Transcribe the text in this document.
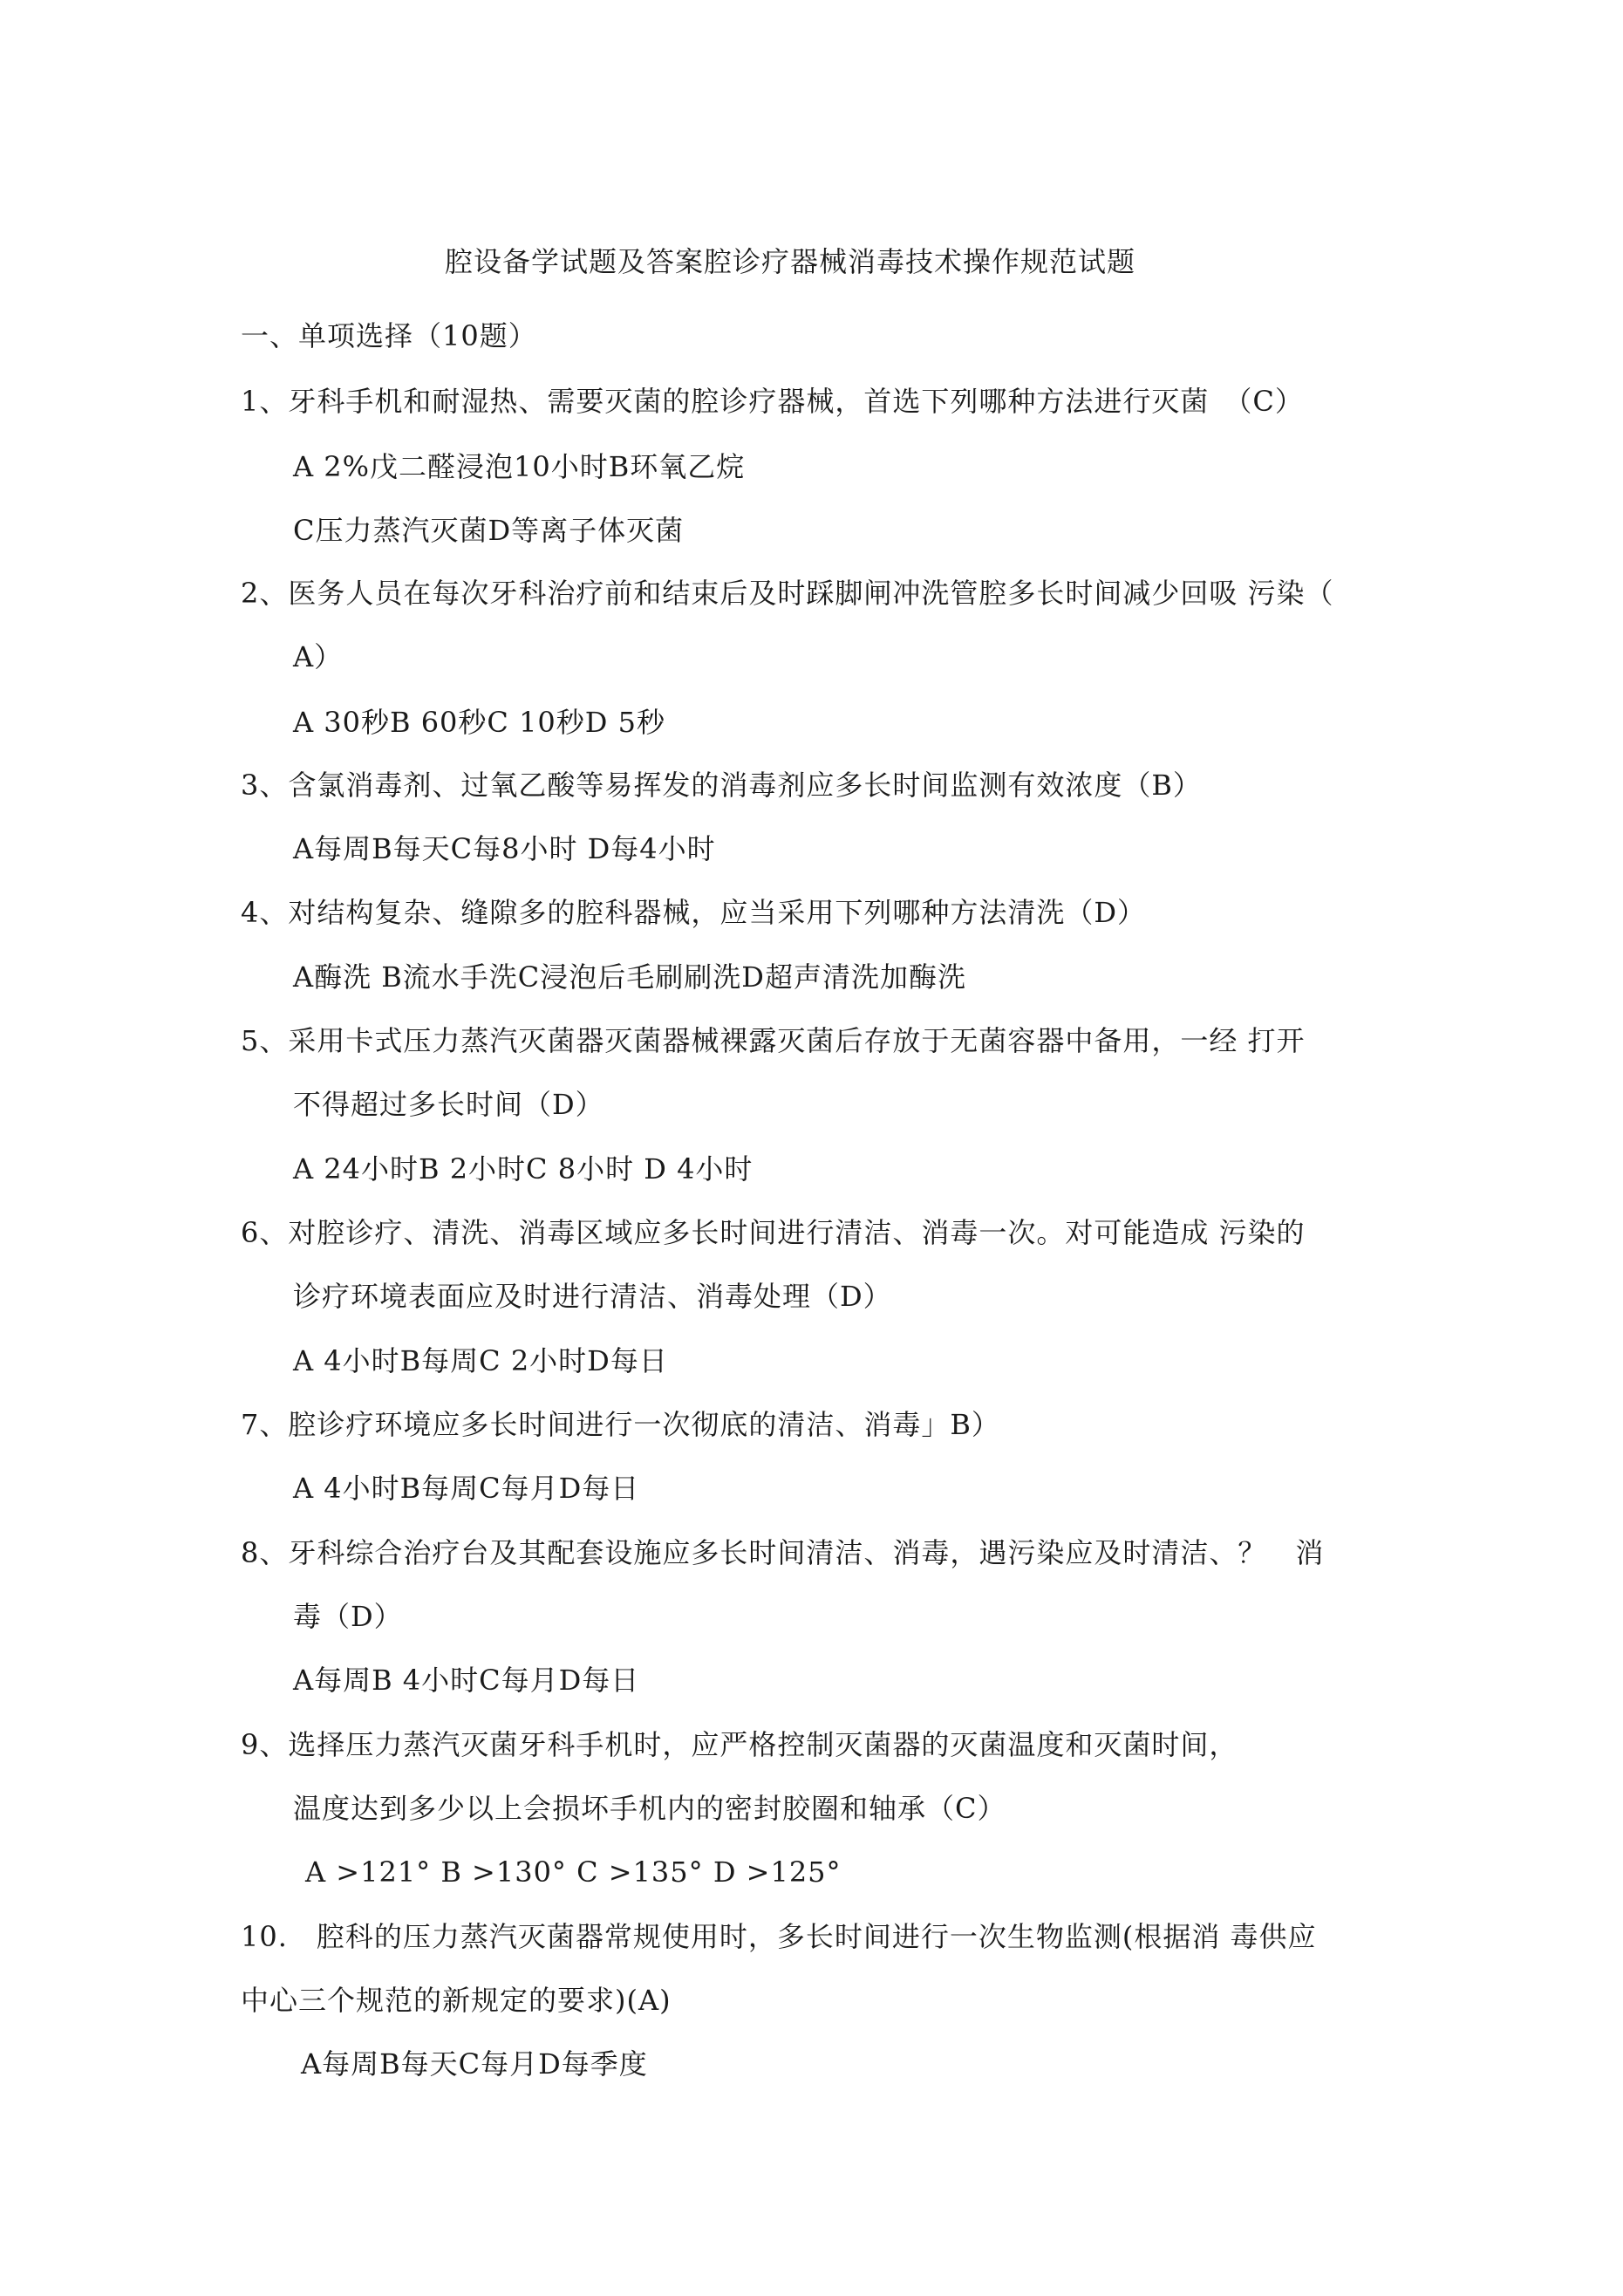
腔设备学试题及答案腔诊疗器械消毒技术操作规范试题
一、单项选择（10题）
1、牙科手机和耐湿热、需要灭菌的腔诊疗器械，首选下列哪种方法进行灭菌　（C）
A 2%戊二醛浸泡10小时B环氧乙烷
C压力蒸汽灭菌D等离子体灭菌
2、医务人员在每次牙科治疗前和结束后及时踩脚闸冲洗管腔多长时间减少回吸 污染（
A）
A 30秒B 60秒C 10秒D 5秒
3、含氯消毒剂、过氧乙酸等易挥发的消毒剂应多长时间监测有效浓度（B）
A每周B每天C每8小时 D每4小时
4、对结构复杂、缝隙多的腔科器械，应当采用下列哪种方法清洗（D）
A酶洗 B流水手洗C浸泡后毛刷刷洗D超声清洗加酶洗
5、采用卡式压力蒸汽灭菌器灭菌器械裸露灭菌后存放于无菌容器中备用，一经 打开
不得超过多长时间（D）
A 24小时B 2小时C 8小时 D 4小时
6、对腔诊疗、清洗、消毒区域应多长时间进行清洁、消毒一次。对可能造成 污染的
诊疗环境表面应及时进行清洁、消毒处理（D）
A 4小时B每周C 2小时D每日
7、腔诊疗环境应多长时间进行一次彻底的清洁、消毒」B）
A 4小时B每周C每月D每日
8、牙科综合治疗台及其配套设施应多长时间清洁、消毒，遇污染应及时清洁、？　消
毒（D）
A每周B 4小时C每月D每日
9、选择压力蒸汽灭菌牙科手机时，应严格控制灭菌器的灭菌温度和灭菌时间，
温度达到多少以上会损坏手机内的密封胶圈和轴承（C）
A >121° B >130° C >135° D >125°
10.　腔科的压力蒸汽灭菌器常规使用时，多长时间进行一次生物监测(根据消 毒供应
中心三个规范的新规定的要求)(A)
A每周B每天C每月D每季度
